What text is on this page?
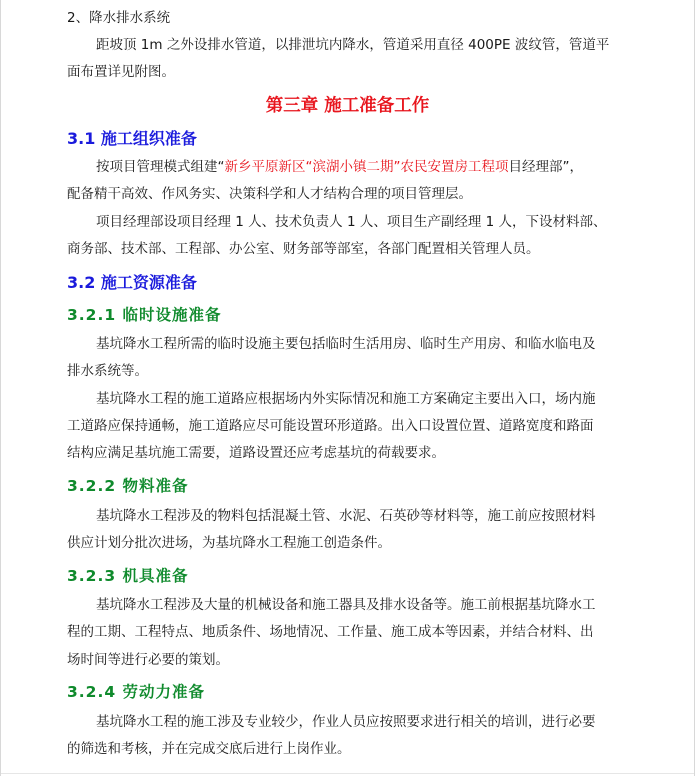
2、降水排水系统
距坡顶 1m 之外设排水管道，以排泄坑内降水，管道采用直径 400PE 波纹管，管道平
面布置详见附图。
第三章 施工准备工作
3.1 施工组织准备
按项目管理模式组建“新乡平原新区“滨湖小镇二期”农民安置房工程项目经理部”，
配备精干高效、作风务实、决策科学和人才结构合理的项目管理层。
项目经理部设项目经理 1 人、技术负责人 1 人、项目生产副经理 1 人，下设材料部、
商务部、技术部、工程部、办公室、财务部等部室，各部门配置相关管理人员。
3.2 施工资源准备
3.2.1 临时设施准备
基坑降水工程所需的临时设施主要包括临时生活用房、临时生产用房、和临水临电及
排水系统等。
基坑降水工程的施工道路应根据场内外实际情况和施工方案确定主要出入口，场内施
工道路应保持通畅，施工道路应尽可能设置环形道路。出入口设置位置、道路宽度和路面
结构应满足基坑施工需要，道路设置还应考虑基坑的荷载要求。
3.2.2 物料准备
基坑降水工程涉及的物料包括混凝土管、水泥、石英砂等材料等，施工前应按照材料
供应计划分批次进场，为基坑降水工程施工创造条件。
3.2.3 机具准备
基坑降水工程涉及大量的机械设备和施工器具及排水设备等。施工前根据基坑降水工
程的工期、工程特点、地质条件、场地情况、工作量、施工成本等因素，并结合材料、出
场时间等进行必要的策划。
3.2.4 劳动力准备
基坑降水工程的施工涉及专业较少，作业人员应按照要求进行相关的培训，进行必要
的筛选和考核，并在完成交底后进行上岗作业。
